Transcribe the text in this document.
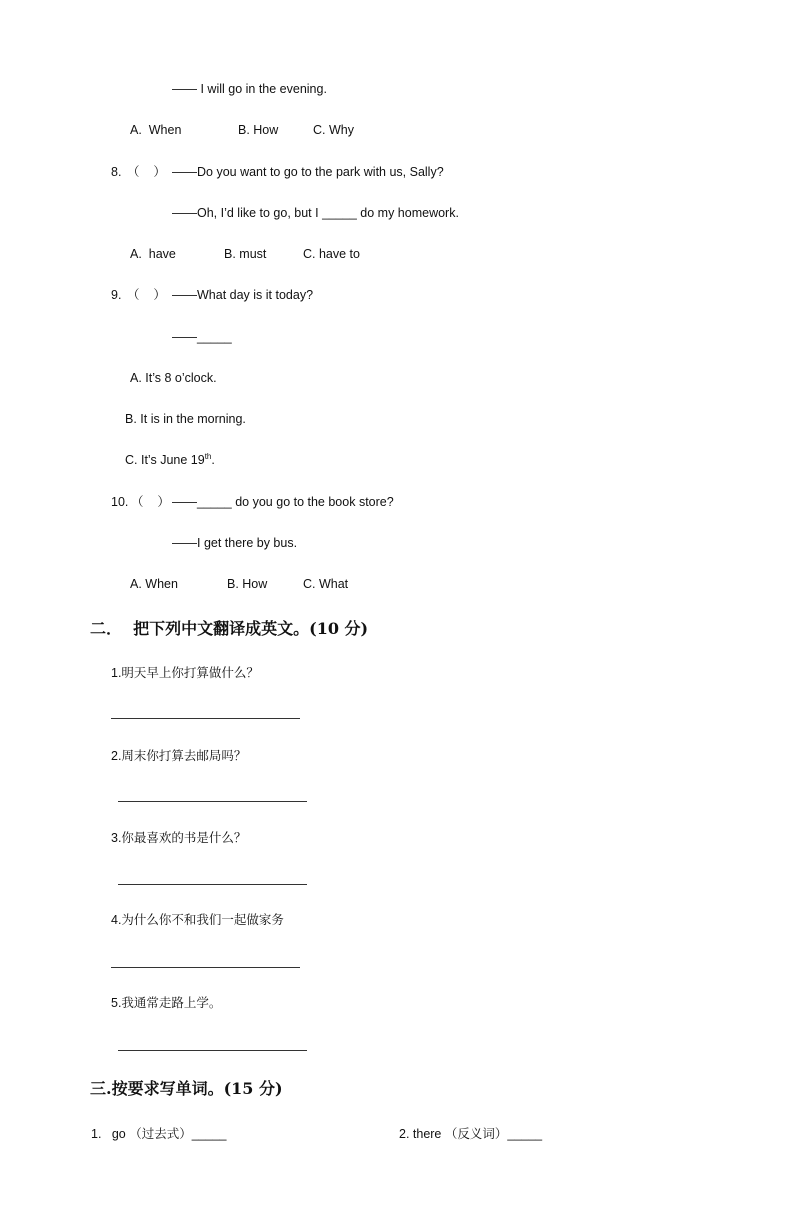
—— I will go in the evening.
A.  When	B. How	C. Why
8. （    ） ——Do you want to go to the park with us, Sally?
——Oh, I’d like to go, but I _____ do my homework.
A.  have	B. must	C. have to
9. （    ） ——What day is it today?
——_____
A. It’s 8 o’clock.
B. It is in the morning.
C. It’s June 19th.
10. （    ） ——_____ do you go to the book store?
——I get there by bus.
A. When	B. How	C. What
二．  把下列中文翻译成英文。(10 分)
1.明天早上你打算做什么？
2.周末你打算去邮局吗？
3.你最喜欢的书是什么？
4.为什么你不和我们一起做家务
5.我通常走路上学。
三.按要求写单词。(15 分)
1.   go （过去式）_____	2. there （反义词）_____
